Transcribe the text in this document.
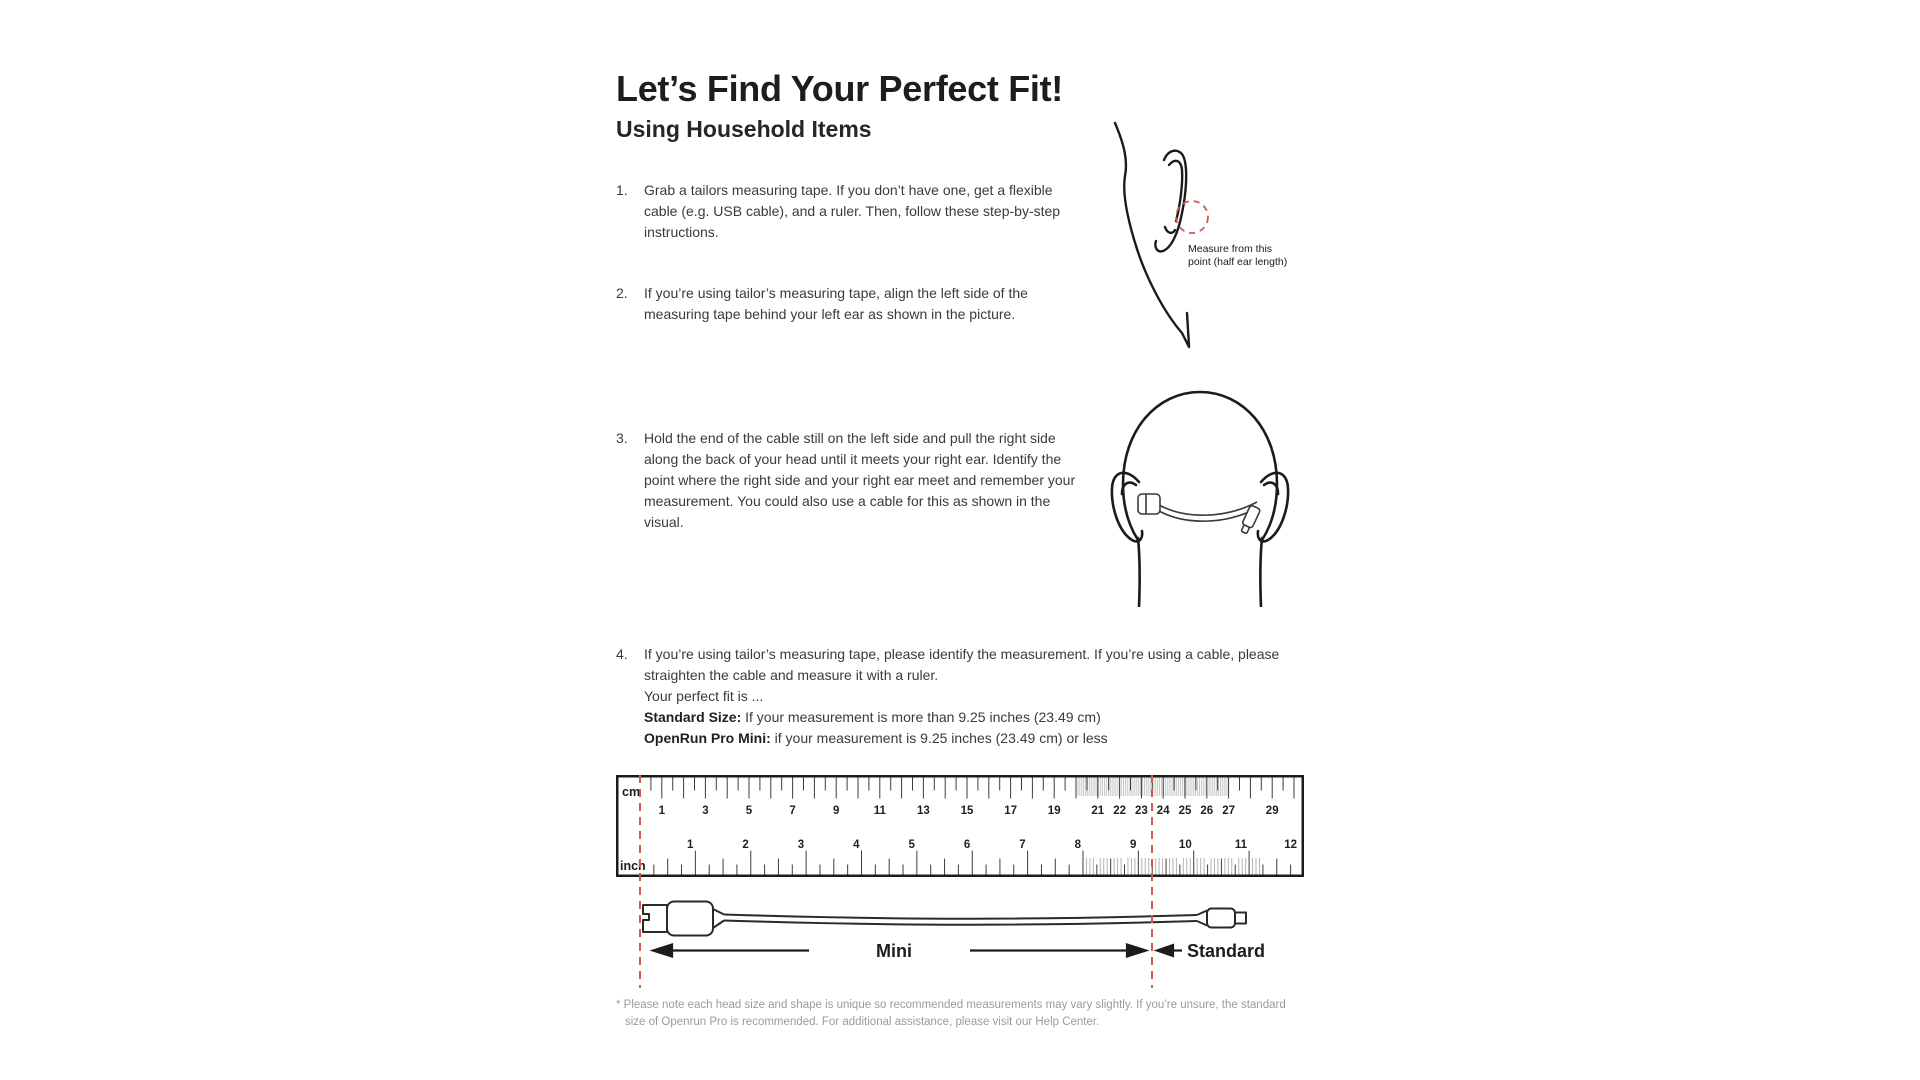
Let’s Find Your Perfect Fit!
Using Household Items
1.	Grab a tailors measuring tape. If you don’t have one, get a flexible cable (e.g. USB cable), and a ruler. Then, follow these step-by-step instructions.

2.	If you’re using tailor’s measuring tape, align the left side of the measuring tape behind your left ear as shown in the picture.

3.	Hold the end of the cable still on the left side and pull the right side along the back of your head until it meets your right ear. Identify the point where the right side and your right ear meet and remember your measurement. You could also use a cable for this as shown in the visual.

4.	If you’re using tailor’s measuring tape, please identify the measurement. If you’re using a cable, please straighten the cable and measure it with a ruler.

Your perfect fit is ...

Standard Size: If your measurement is more than 9.25 inches (23.49 cm)

OpenRun Pro Mini: if your measurement is 9.25 inches (23.49 cm) or less

Measure from this
point (half ear length)
cm
inch
1	3	5	7	9	11	13	15	17	19	21 22 23 24 25 26 27	29
1	2	3	4	5	6	7	8	9	10	11	12
Mini	Standard
* Please note each head size and shape is unique so recommended measurements may vary slightly. If you’re unsure, the standard
size of Openrun Pro is recommended. For additional assistance, please visit our Help Center.
